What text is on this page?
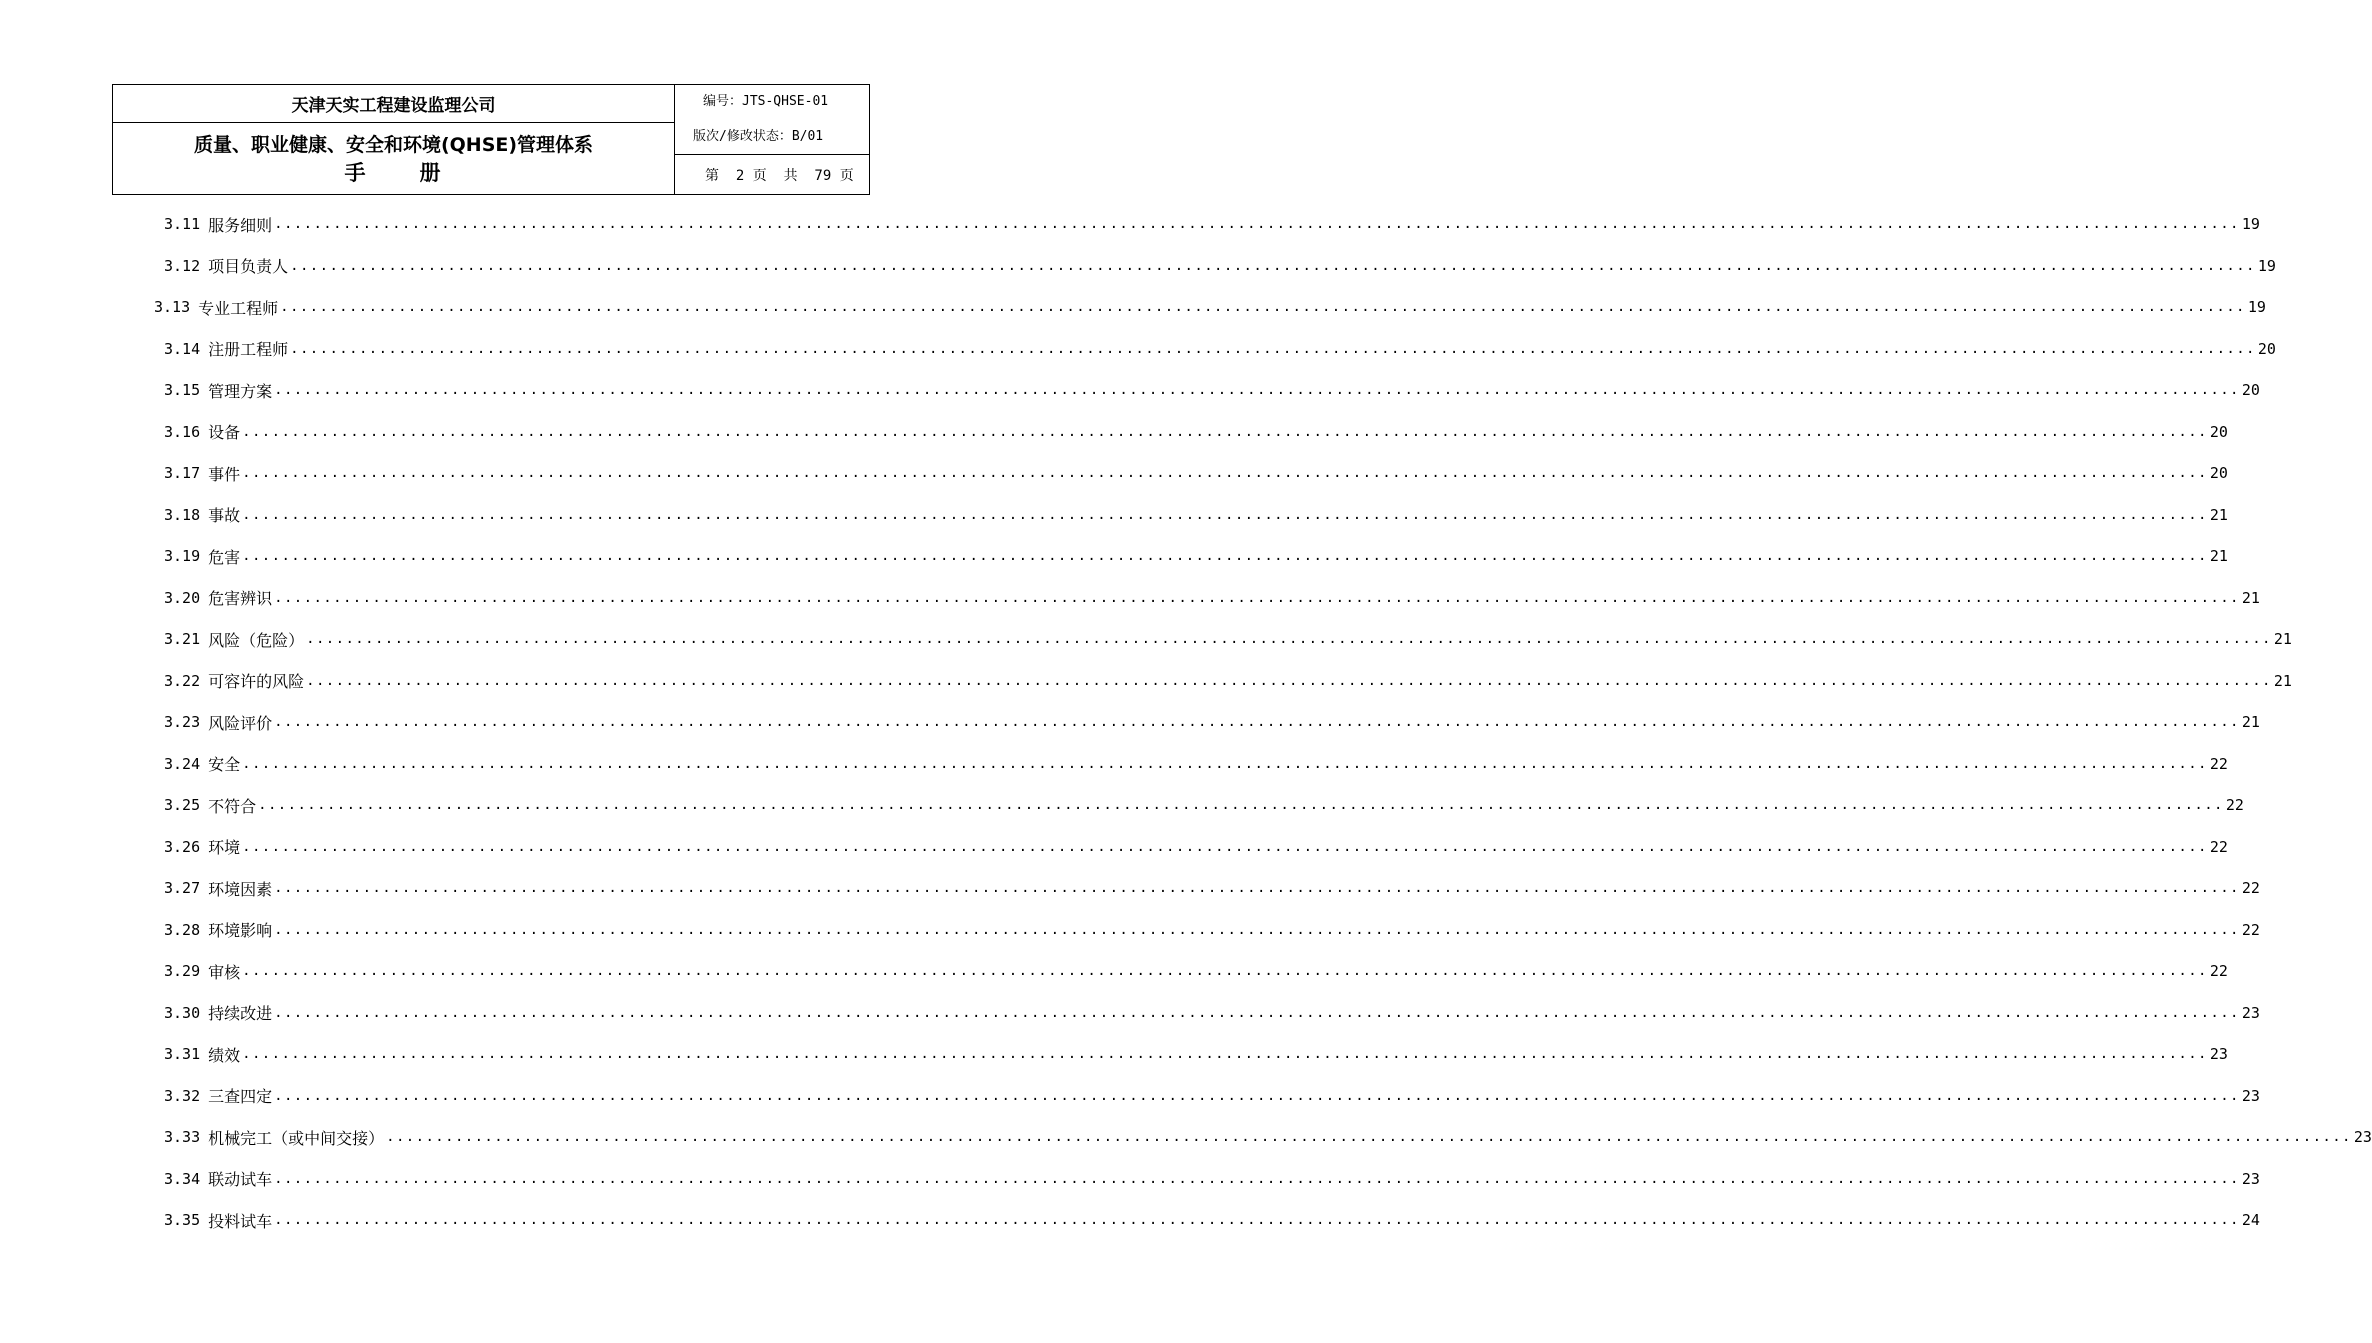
天津天实工程建设监理公司
质量、职业健康、安全和环境(QHSE)管理体系
手 册
编号：JTS-QHSE-01
版次/修改状态：B/01
第  2 页  共  79 页
3.11 服务细则 ........................................................................................................................................................................................................ 19
3.12 项目负责人 ........................................................................................................................................................................................................ 19
3.13 专业工程师 ........................................................................................................................................................................................................ 19
3.14 注册工程师 ........................................................................................................................................................................................................ 20
3.15 管理方案 ........................................................................................................................................................................................................ 20
3.16 设备 ........................................................................................................................................................................................................ 20
3.17 事件 ........................................................................................................................................................................................................ 20
3.18 事故 ........................................................................................................................................................................................................ 21
3.19 危害 ........................................................................................................................................................................................................ 21
3.20 危害辨识 ........................................................................................................................................................................................................ 21
3.21 风险（危险） ........................................................................................................................................................................................................ 21
3.22 可容许的风险 ........................................................................................................................................................................................................ 21
3.23 风险评价 ........................................................................................................................................................................................................ 21
3.24 安全 ........................................................................................................................................................................................................ 22
3.25 不符合 ........................................................................................................................................................................................................ 22
3.26 环境 ........................................................................................................................................................................................................ 22
3.27 环境因素 ........................................................................................................................................................................................................ 22
3.28 环境影响 ........................................................................................................................................................................................................ 22
3.29 审核 ........................................................................................................................................................................................................ 22
3.30 持续改进 ........................................................................................................................................................................................................ 23
3.31 绩效 ........................................................................................................................................................................................................ 23
3.32 三查四定 ........................................................................................................................................................................................................ 23
3.33 机械完工（或中间交接） ........................................................................................................................................................................................................ 23
3.34 联动试车 ........................................................................................................................................................................................................ 23
3.35 投料试车 ........................................................................................................................................................................................................ 24
